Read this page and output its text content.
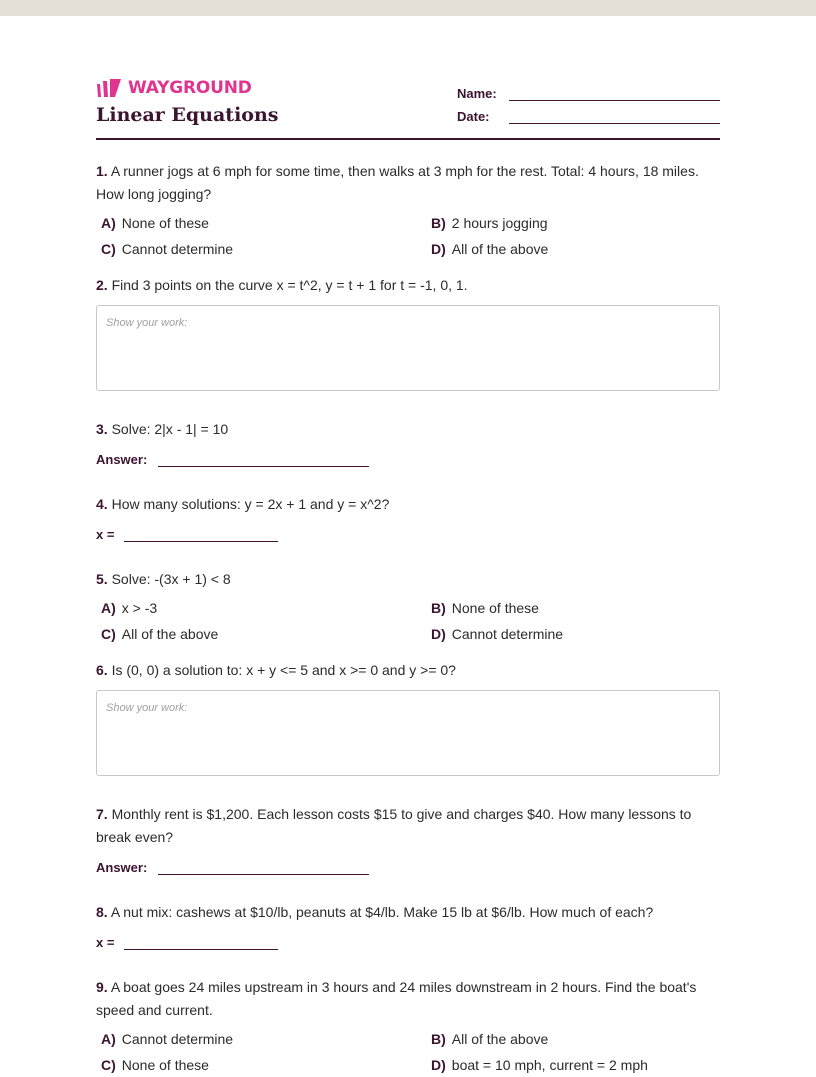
WAYGROUND
Linear Equations
Name:
Date:
1. A runner jogs at 6 mph for some time, then walks at 3 mph for the rest. Total: 4 hours, 18 miles. How long jogging?
A) None of these	B) 2 hours jogging
C) Cannot determine	D) All of the above
2. Find 3 points on the curve x = t^2, y = t + 1 for t = -1, 0, 1.
Show your work:
3. Solve: 2|x - 1| = 10
Answer:
4. How many solutions: y = 2x + 1 and y = x^2?
x =
5. Solve: -(3x + 1) < 8
A) x > -3	B) None of these
C) All of the above	D) Cannot determine
6. Is (0, 0) a solution to: x + y <= 5 and x >= 0 and y >= 0?
Show your work:
7. Monthly rent is $1,200. Each lesson costs $15 to give and charges $40. How many lessons to break even?
Answer:
8. A nut mix: cashews at $10/lb, peanuts at $4/lb. Make 15 lb at $6/lb. How much of each?
x =
9. A boat goes 24 miles upstream in 3 hours and 24 miles downstream in 2 hours. Find the boat's speed and current.
A) Cannot determine	B) All of the above
C) None of these	D) boat = 10 mph, current = 2 mph
